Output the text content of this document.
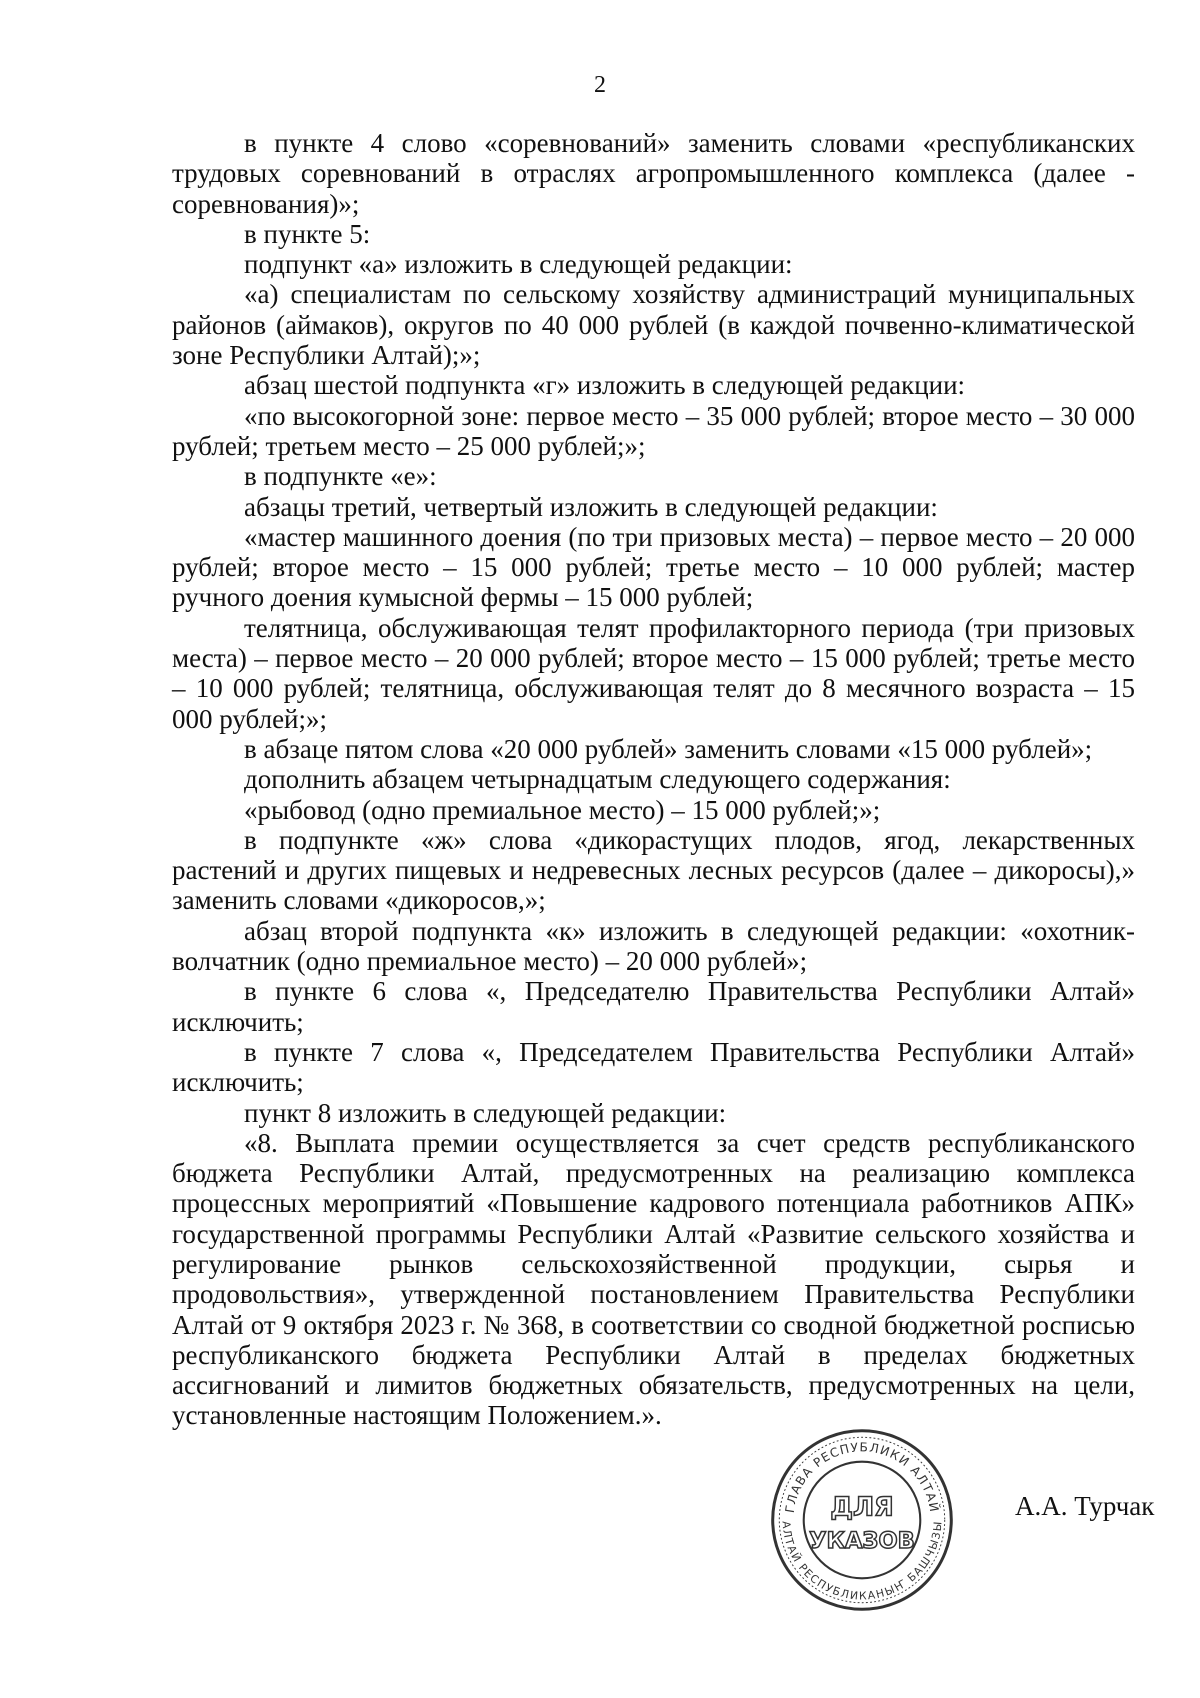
2

в пункте 4 слово «соревнований» заменить словами «республиканских трудовых соревнований в отраслях агропромышленного комплекса (далее - соревнования)»;

в пункте 5:

подпункт «а» изложить в следующей редакции:

«а) специалистам по сельскому хозяйству администраций муниципальных районов (аймаков), округов по 40 000 рублей (в каждой почвенно-климатической зоне Республики Алтай);»;

абзац шестой подпункта «г» изложить в следующей редакции:

«по высокогорной зоне: первое место – 35 000 рублей; второе место – 30 000 рублей; третьем место – 25 000 рублей;»;

в подпункте «е»:

абзацы третий, четвертый изложить в следующей редакции:

«мастер машинного доения (по три призовых места) – первое место – 20 000 рублей; второе место – 15 000 рублей; третье место – 10 000 рублей; мастер ручного доения кумысной фермы – 15 000 рублей;

телятница, обслуживающая телят профилакторного периода (три призовых места) – первое место – 20 000 рублей; второе место – 15 000 рублей; третье место – 10 000 рублей; телятница, обслуживающая телят до 8 месячного возраста – 15 000 рублей;»;

в абзаце пятом слова «20 000 рублей» заменить словами «15 000 рублей»;

дополнить абзацем четырнадцатым следующего содержания:

«рыбовод (одно премиальное место) – 15 000 рублей;»;

в подпункте «ж» слова «дикорастущих плодов, ягод, лекарственных растений и других пищевых и недревесных лесных ресурсов (далее – дикоросы),» заменить словами «дикоросов,»;

абзац второй подпункта «к» изложить в следующей редакции: «охотник-волчатник (одно премиальное место) – 20 000 рублей»;

в пункте 6 слова «, Председателю Правительства Республики Алтай» исключить;

в пункте 7 слова «, Председателем Правительства Республики Алтай» исключить;

пункт 8 изложить в следующей редакции:

«8. Выплата премии осуществляется за счет средств республиканского бюджета Республики Алтай, предусмотренных на реализацию комплекса процессных мероприятий «Повышение кадрового потенциала работников АПК» государственной программы Республики Алтай «Развитие сельского хозяйства и регулирование рынков сельскохозяйственной продукции, сырья и продовольствия», утвержденной постановлением Правительства Республики Алтай от 9 октября 2023 г. № 368, в соответствии со сводной бюджетной росписью республиканского бюджета Республики Алтай в пределах бюджетных ассигнований и лимитов бюджетных обязательств, предусмотренных на цели, установленные настоящим Положением.».

ГЛАВА РЕСПУБЛИКИ АЛТАЙ
АЛТАЙ РЕСПУБЛИКАНЫҤ БАШЧЫЗЫ
ДЛЯ
УКАЗОВ
А.А. Турчак
